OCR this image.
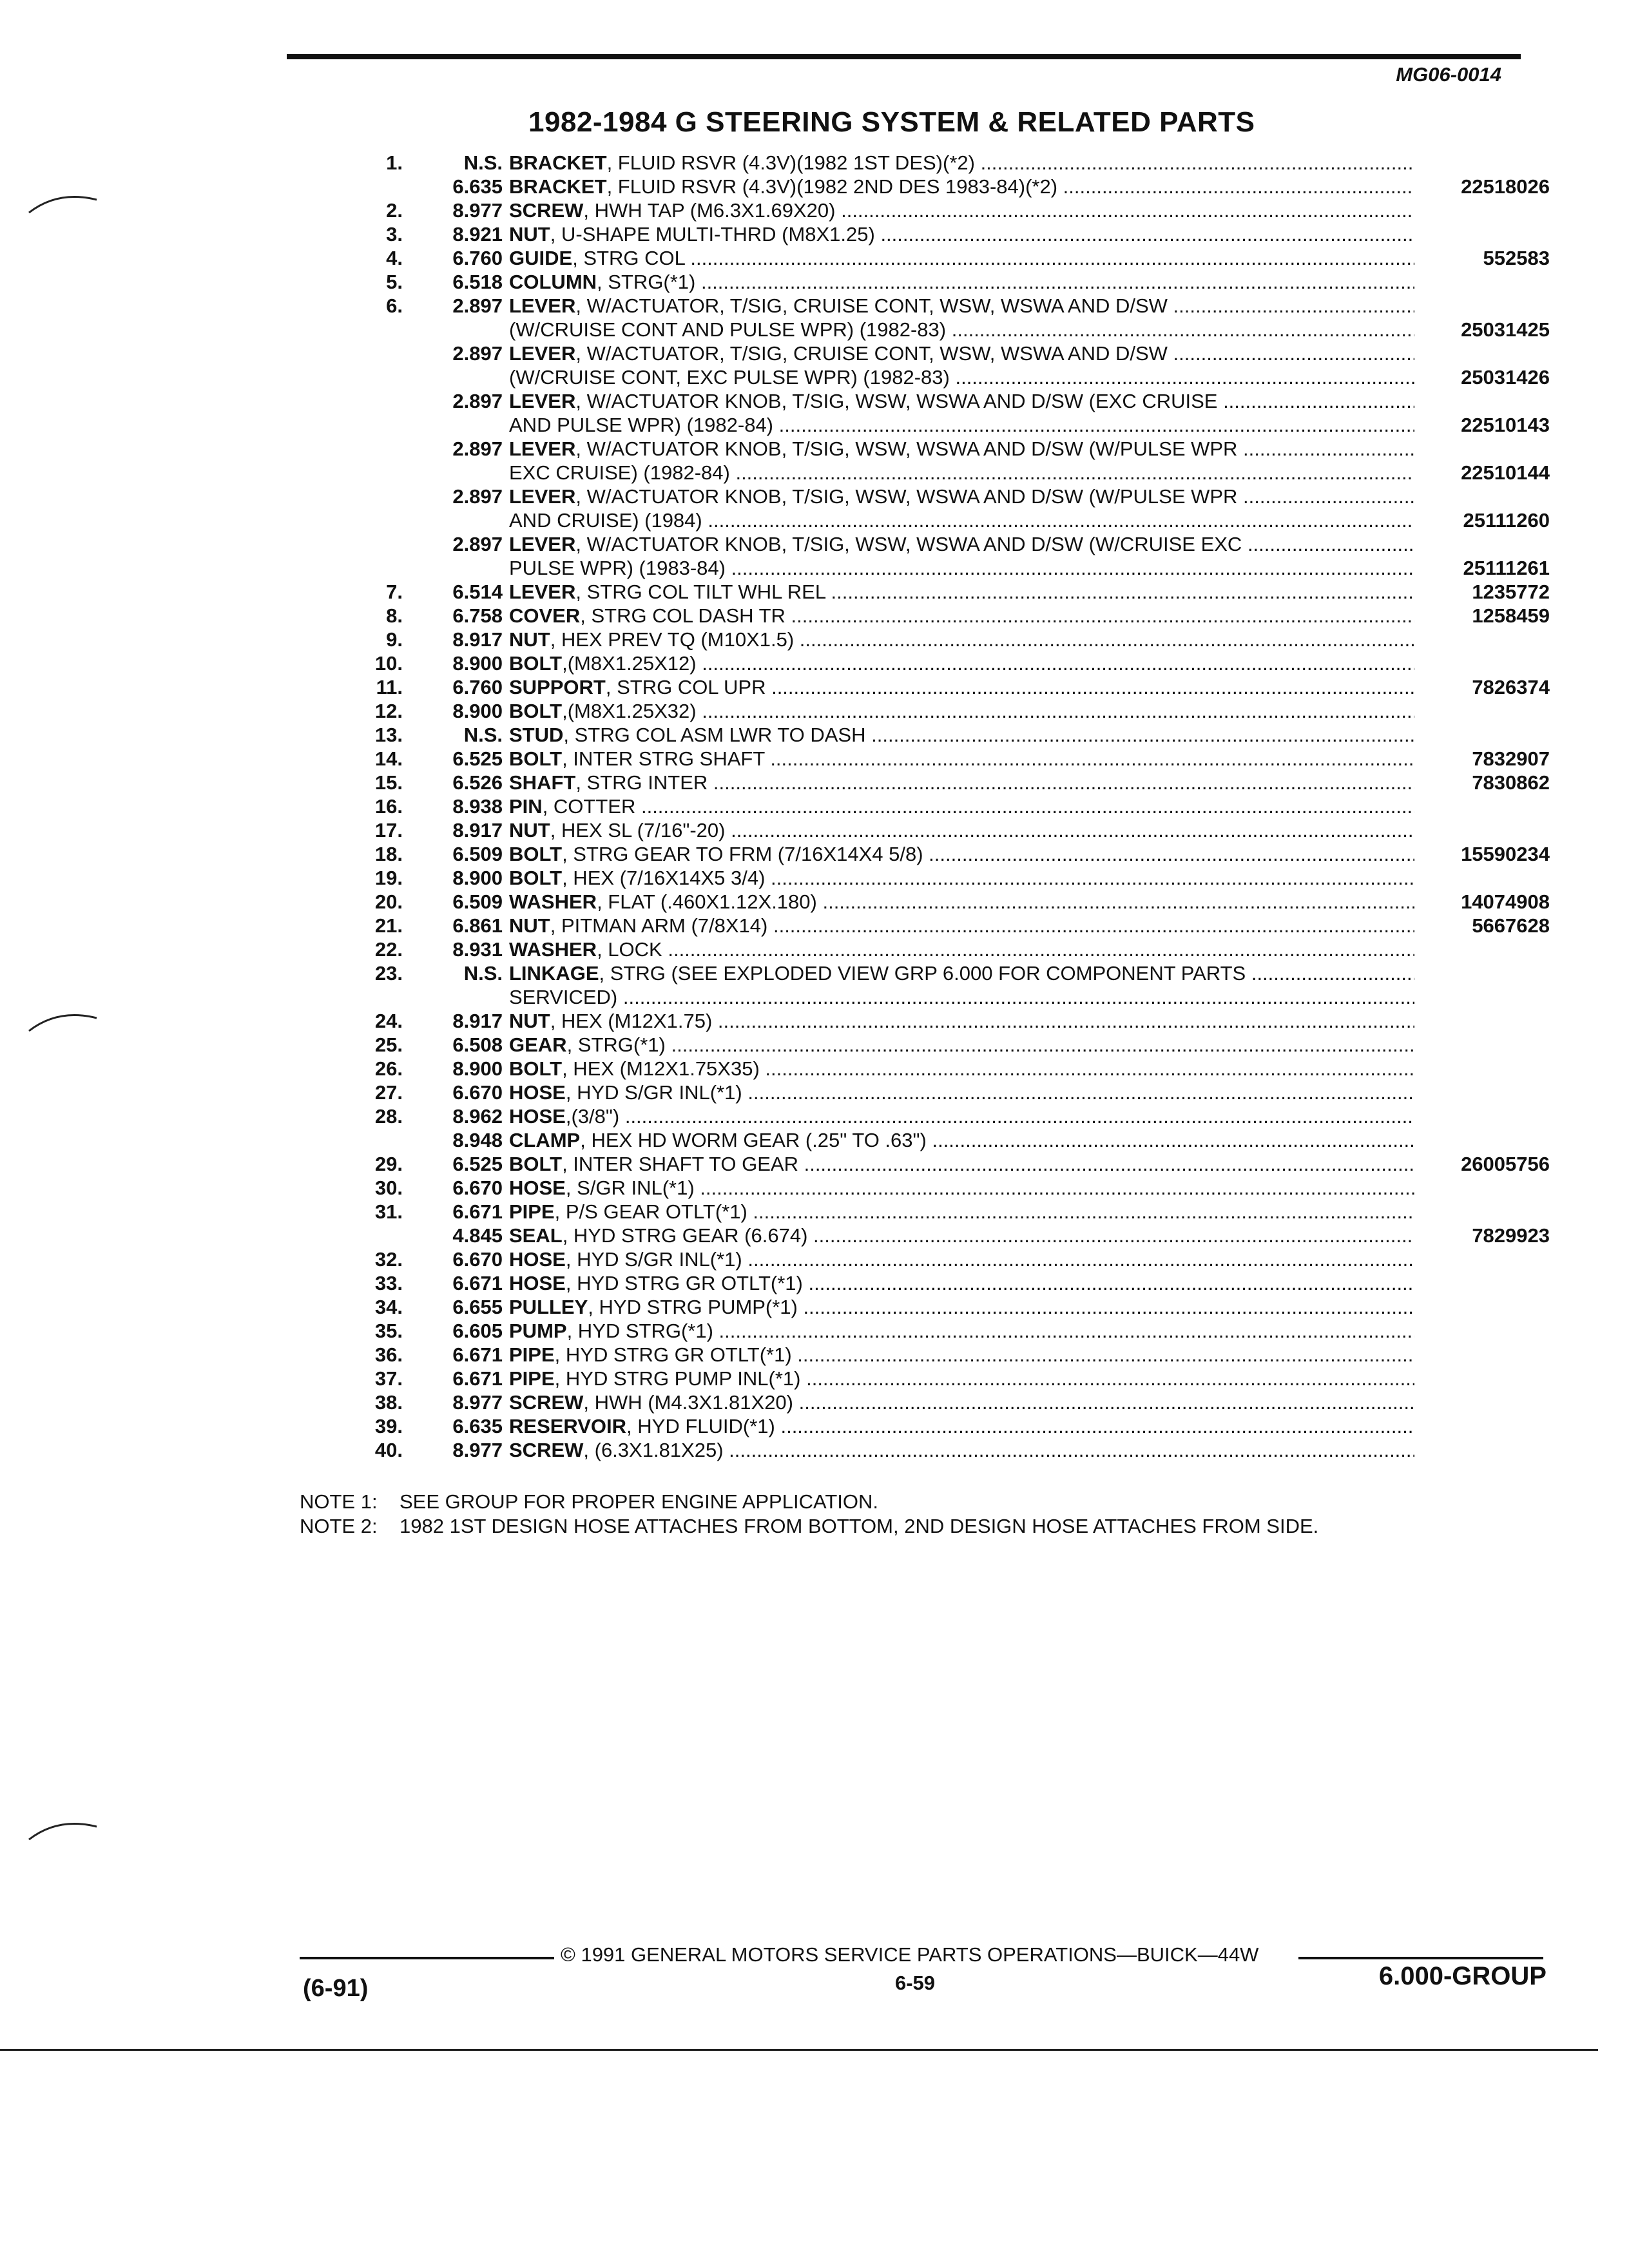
MG06-0014
1982-1984 G STEERING SYSTEM & RELATED PARTS
1.	N.S. BRACKET, FLUID RSVR (4.3V)(1982 1ST DES)(*2) .....
6.635 BRACKET, FLUID RSVR (4.3V)(1982 2ND DES 1983-84)(*2) .....	22518026
2.	8.977 SCREW, HWH TAP (M6.3X1.69X20) .....
3.	8.921 NUT, U-SHAPE MULTI-THRD (M8X1.25) .....
4.	6.760 GUIDE, STRG COL .....	552583
5.	6.518 COLUMN, STRG(*1) .....
6.	2.897 LEVER, W/ACTUATOR, T/SIG, CRUISE CONT, WSW, WSWA AND D/SW .....
(W/CRUISE CONT AND PULSE WPR) (1982-83) .....	25031425
2.897 LEVER, W/ACTUATOR, T/SIG, CRUISE CONT, WSW, WSWA AND D/SW .....
(W/CRUISE CONT, EXC PULSE WPR) (1982-83) .....	25031426
2.897 LEVER, W/ACTUATOR KNOB, T/SIG, WSW, WSWA AND D/SW (EXC CRUISE .....
AND PULSE WPR) (1982-84) .....	22510143
2.897 LEVER, W/ACTUATOR KNOB, T/SIG, WSW, WSWA AND D/SW (W/PULSE WPR .....
EXC CRUISE) (1982-84) .....	22510144
2.897 LEVER, W/ACTUATOR KNOB, T/SIG, WSW, WSWA AND D/SW (W/PULSE WPR .....
AND CRUISE) (1984) .....	25111260
2.897 LEVER, W/ACTUATOR KNOB, T/SIG, WSW, WSWA AND D/SW (W/CRUISE EXC .....
PULSE WPR) (1983-84) .....	25111261
7.	6.514 LEVER, STRG COL TILT WHL REL .....	1235772
8.	6.758 COVER, STRG COL DASH TR .....	1258459
9.	8.917 NUT, HEX PREV TQ (M10X1.5) .....
10.	8.900 BOLT,(M8X1.25X12) .....
11.	6.760 SUPPORT, STRG COL UPR .....	7826374
12.	8.900 BOLT,(M8X1.25X32) .....
13.	N.S. STUD, STRG COL ASM LWR TO DASH .....
14.	6.525 BOLT, INTER STRG SHAFT .....	7832907
15.	6.526 SHAFT, STRG INTER .....	7830862
16.	8.938 PIN, COTTER .....
17.	8.917 NUT, HEX SL (7/16"-20) .....
18.	6.509 BOLT, STRG GEAR TO FRM (7/16X14X4 5/8) .....	15590234
19.	8.900 BOLT, HEX (7/16X14X5 3/4) .....
20.	6.509 WASHER, FLAT (.460X1.12X.180) .....	14074908
21.	6.861 NUT, PITMAN ARM (7/8X14) .....	5667628
22.	8.931 WASHER, LOCK .....
23.	N.S. LINKAGE, STRG (SEE EXPLODED VIEW GRP 6.000 FOR COMPONENT PARTS .....
SERVICED) .....
24.	8.917 NUT, HEX (M12X1.75) .....
25.	6.508 GEAR, STRG(*1) .....
26.	8.900 BOLT, HEX (M12X1.75X35) .....
27.	6.670 HOSE, HYD S/GR INL(*1) .....
28.	8.962 HOSE,(3/8") .....
8.948 CLAMP, HEX HD WORM GEAR (.25" TO .63") .....
29.	6.525 BOLT, INTER SHAFT TO GEAR .....	26005756
30.	6.670 HOSE, S/GR INL(*1) .....
31.	6.671 PIPE, P/S GEAR OTLT(*1) .....
4.845 SEAL, HYD STRG GEAR (6.674) .....	7829923
32.	6.670 HOSE, HYD S/GR INL(*1) .....
33.	6.671 HOSE, HYD STRG GR OTLT(*1) .....
34.	6.655 PULLEY, HYD STRG PUMP(*1) .....
35.	6.605 PUMP, HYD STRG(*1) .....
36.	6.671 PIPE, HYD STRG GR OTLT(*1) .....
37.	6.671 PIPE, HYD STRG PUMP INL(*1) .....
38.	8.977 SCREW, HWH (M4.3X1.81X20) .....
39.	6.635 RESERVOIR, HYD FLUID(*1) .....
40.	8.977 SCREW, (6.3X1.81X25) .....
NOTE 1: SEE GROUP FOR PROPER ENGINE APPLICATION.
NOTE 2: 1982 1ST DESIGN HOSE ATTACHES FROM BOTTOM, 2ND DESIGN HOSE ATTACHES FROM SIDE.
© 1991 GENERAL MOTORS SERVICE PARTS OPERATIONS—BUICK—44W
6-59
(6-91)	6.000-GROUP
